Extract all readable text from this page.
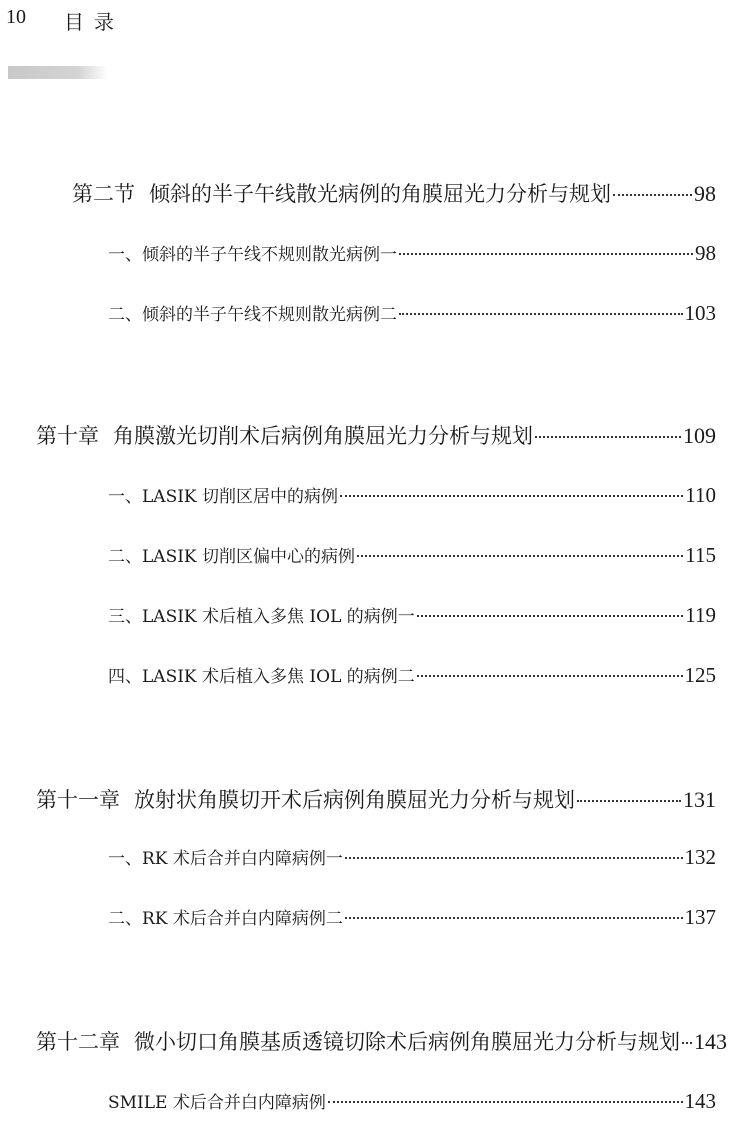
10 目录
第二节 倾斜的半子午线散光病例的角膜屈光力分析与规划	98
一、倾斜的半子午线不规则散光病例一	98
二、倾斜的半子午线不规则散光病例二	103
第十章 角膜激光切削术后病例角膜屈光力分析与规划	109
一、LASIK 切削区居中的病例	110
二、LASIK 切削区偏中心的病例	115
三、LASIK 术后植入多焦 IOL 的病例一	119
四、LASIK 术后植入多焦 IOL 的病例二	125
第十一章 放射状角膜切开术后病例角膜屈光力分析与规划	131
一、RK 术后合并白内障病例一	132
二、RK 术后合并白内障病例二	137
第十二章 微小切口角膜基质透镜切除术后病例角膜屈光力分析与规划 143
SMILE 术后合并白内障病例	143
